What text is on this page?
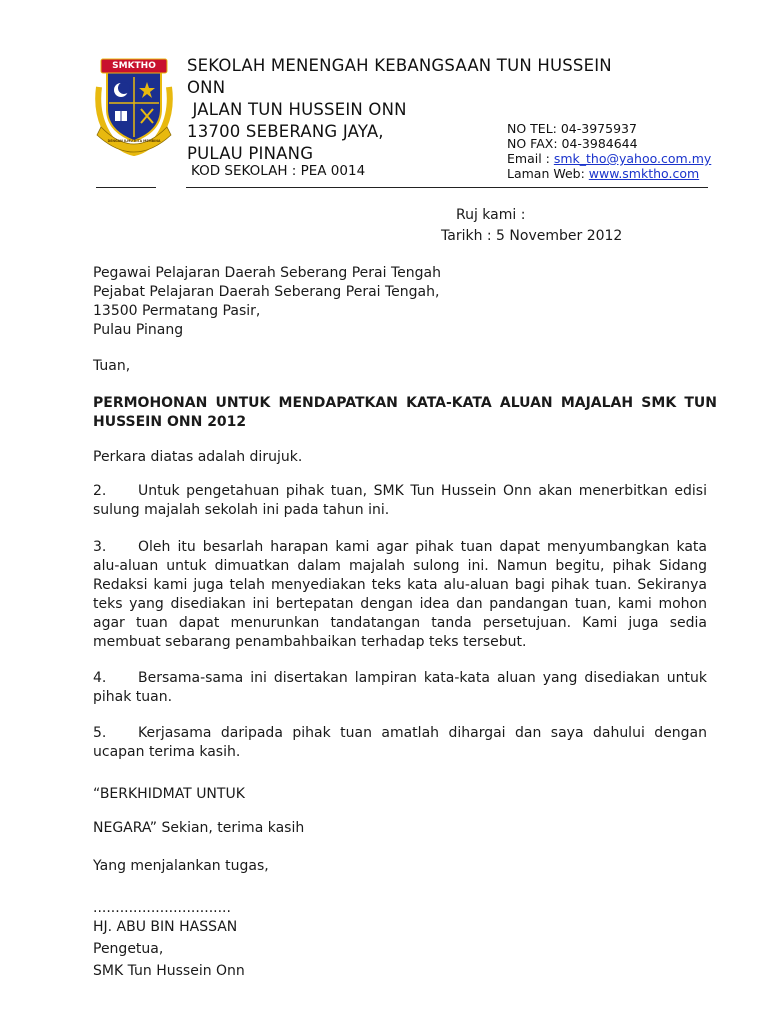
SMKTHO
DENGAN ILMU KITA MEMBINA
SEKOLAH MENENGAH KEBANGSAAN TUN HUSSEIN
ONN
JALAN TUN HUSSEIN ONN
13700 SEBERANG JAYA,
PULAU PINANG
KOD SEKOLAH : PEA 0014
NO TEL: 04-3975937
NO FAX: 04-3984644
Email : smk_tho@yahoo.com.my
Laman Web: www.smktho.com
Ruj kami :
Tarikh : 5 November 2012
Pegawai Pelajaran Daerah Seberang Perai Tengah
Pejabat Pelajaran Daerah Seberang Perai Tengah,
13500 Permatang Pasir,
Pulau Pinang
Tuan,
PERMOHONAN UNTUK MENDAPATKAN KATA-KATA ALUAN MAJALAH SMK TUN HUSSEIN ONN 2012
Perkara diatas adalah dirujuk.
2. Untuk pengetahuan pihak tuan, SMK Tun Hussein Onn akan menerbitkan edisi sulung majalah sekolah ini pada tahun ini.
3. Oleh itu besarlah harapan kami agar pihak tuan dapat menyumbangkan kata alu-aluan untuk dimuatkan dalam majalah sulong ini. Namun begitu, pihak Sidang Redaksi kami juga telah menyediakan teks kata alu-aluan bagi pihak tuan. Sekiranya teks yang disediakan ini bertepatan dengan idea dan pandangan tuan, kami mohon agar tuan dapat menurunkan tandatangan tanda persetujuan. Kami juga sedia membuat sebarang penambahbaikan terhadap teks tersebut.
4. Bersama-sama ini disertakan lampiran kata-kata aluan yang disediakan untuk pihak tuan.
5. Kerjasama daripada pihak tuan amatlah dihargai dan saya dahului dengan ucapan terima kasih.
“BERKHIDMAT UNTUK
NEGARA” Sekian, terima kasih
Yang menjalankan tugas,
...............................
HJ. ABU BIN HASSAN
Pengetua,
SMK Tun Hussein Onn
